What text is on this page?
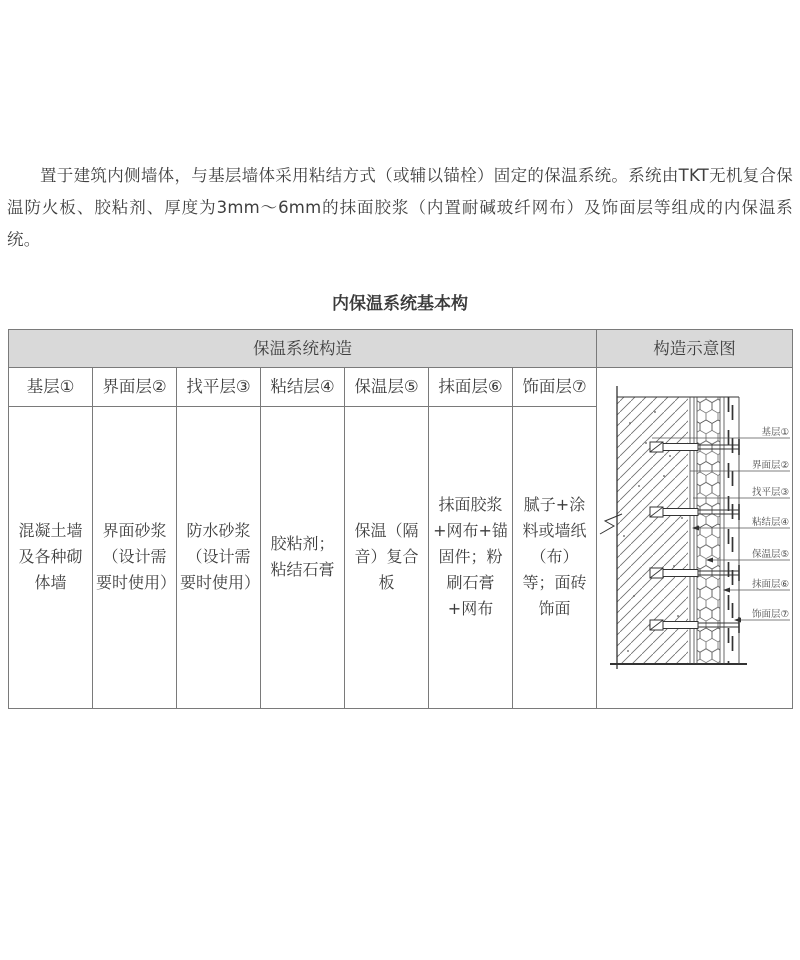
置于建筑内侧墙体，与基层墙体采用粘结方式（或辅以锚栓）固定的保温系统。系统由TKT无机复合保温防火板、胶粘剂、厚度为3mm～6mm的抹面胶浆（内置耐碱玻纤网布）及饰面层等组成的内保温系统。

内保温系统基本构
保温系统构造							构造示意图
基层①	界面层②	找平层③	粘结层④	保温层⑤	抹面层⑥	饰面层⑦	
基层①
界面层②
找平层③
粘结层④
保温层⑤
抹面层⑥
饰面层⑦

混凝土墙及各种砌体墙	界面砂浆（设计需要时使用）	防水砂浆（设计需要时使用）	胶粘剂；粘结石膏	保温（隔音）复合板	抹面胶浆+网布+锚固件；粉刷石膏+网布	腻子+涂料或墙纸（布）等；面砖饰面	
